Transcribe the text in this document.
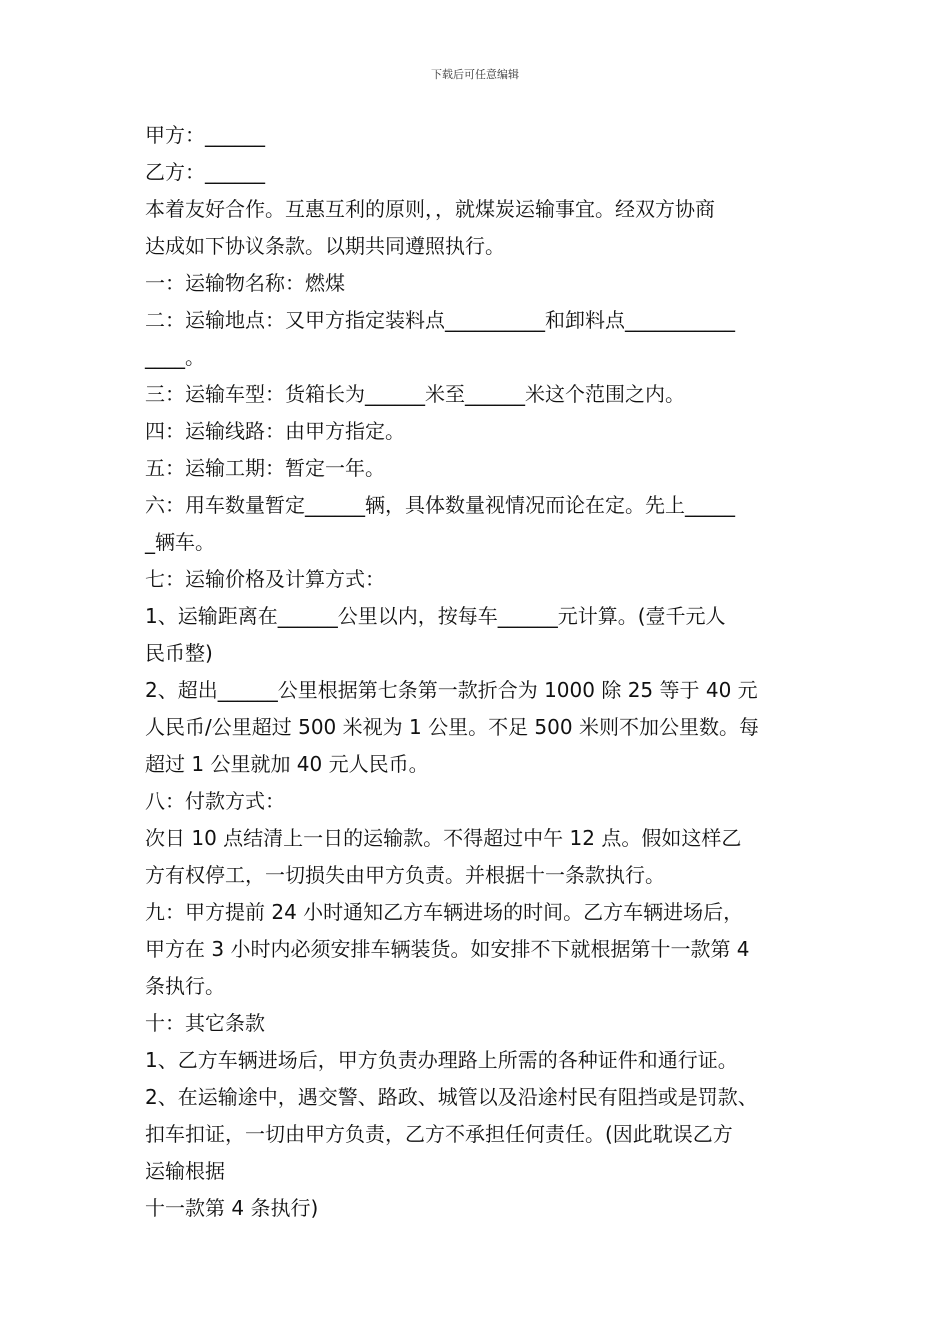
下载后可任意编辑
甲方：______
乙方：______
本着友好合作。互惠互利的原则，，就煤炭运输事宜。经双方协商
达成如下协议条款。以期共同遵照执行。
一：运输物名称：燃煤
二：运输地点：又甲方指定装料点__________和卸料点___________
____。
三：运输车型：货箱长为______米至______米这个范围之内。
四：运输线路：由甲方指定。
五：运输工期：暂定一年。
六：用车数量暂定______辆，具体数量视情况而论在定。先上_____
_辆车。
七：运输价格及计算方式：
1、运输距离在______公里以内，按每车______元计算。(壹千元人
民币整)
2、超出______公里根据第七条第一款折合为 1000 除 25 等于 40 元
人民币/公里超过 500 米视为 1 公里。不足 500 米则不加公里数。每
超过 1 公里就加 40 元人民币。
八：付款方式：
次日 10 点结清上一日的运输款。不得超过中午 12 点。假如这样乙
方有权停工，一切损失由甲方负责。并根据十一条款执行。
九：甲方提前 24 小时通知乙方车辆进场的时间。乙方车辆进场后，
甲方在 3 小时内必须安排车辆装货。如安排不下就根据第十一款第 4
条执行。
十：其它条款
1、乙方车辆进场后，甲方负责办理路上所需的各种证件和通行证。
2、在运输途中，遇交警、路政、城管以及沿途村民有阻挡或是罚款、
扣车扣证，一切由甲方负责，乙方不承担任何责任。(因此耽误乙方
运输根据
十一款第 4 条执行)
